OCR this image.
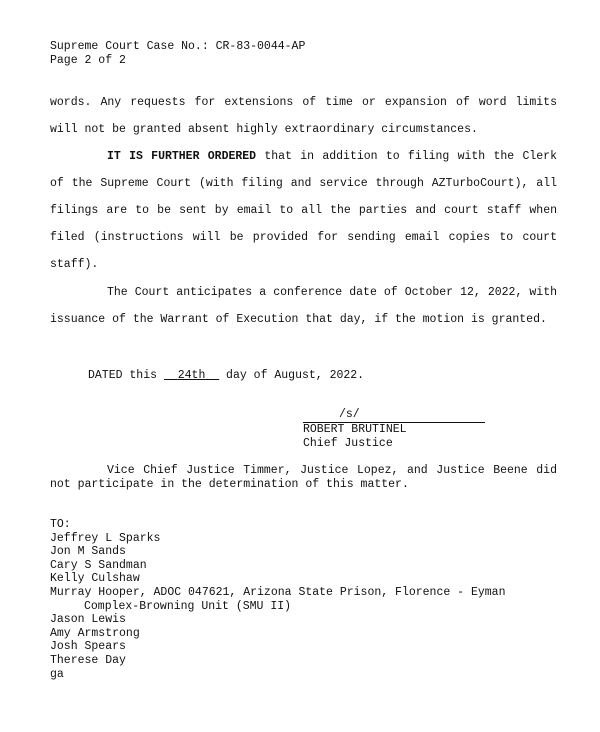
Supreme Court Case No.: CR-83-0044-AP
Page 2 of 2
words. Any requests for extensions of time or expansion of word limits will not be granted absent highly extraordinary circumstances.
IT IS FURTHER ORDERED that in addition to filing with the Clerk of the Supreme Court (with filing and service through AZTurboCourt), all filings are to be sent by email to all the parties and court staff when filed (instructions will be provided for sending email copies to court staff).
The Court anticipates a conference date of October 12, 2022, with issuance of the Warrant of Execution that day, if the motion is granted.
DATED this   24th   day of August, 2022.
/s/
ROBERT BRUTINEL
Chief Justice
Vice Chief Justice Timmer, Justice Lopez, and Justice Beene did not participate in the determination of this matter.
TO:
Jeffrey L Sparks
Jon M Sands
Cary S Sandman
Kelly Culshaw
Murray Hooper, ADOC 047621, Arizona State Prison, Florence - Eyman
Complex-Browning Unit (SMU II)
Jason Lewis
Amy Armstrong
Josh Spears
Therese Day
ga
